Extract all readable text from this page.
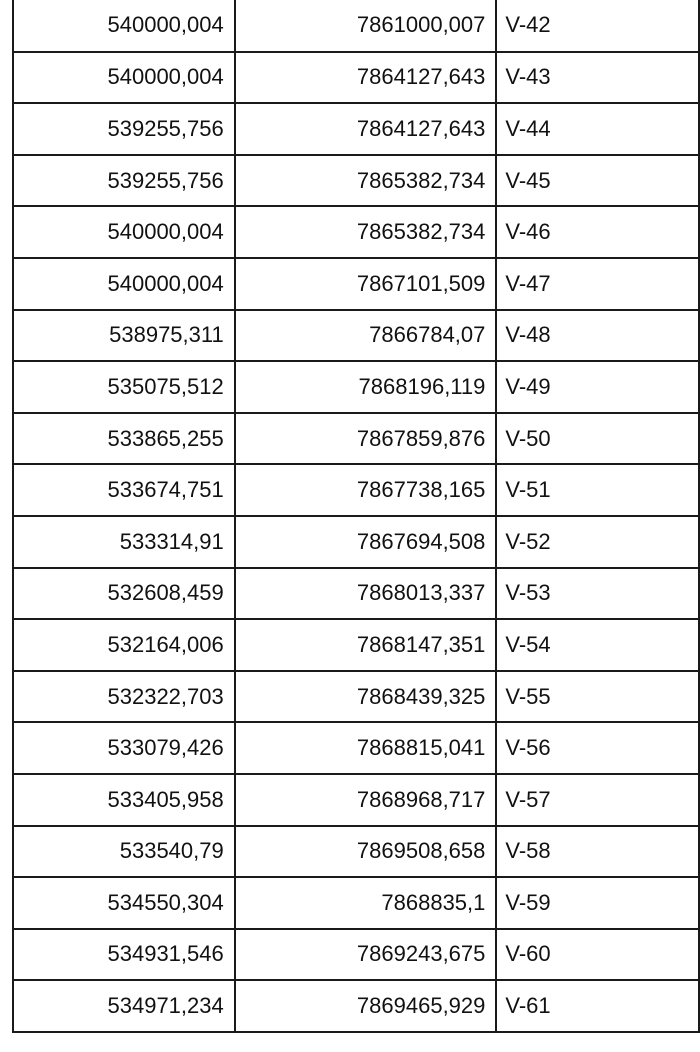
540000,004	7861000,007	V-42
540000,004	7864127,643	V-43
539255,756	7864127,643	V-44
539255,756	7865382,734	V-45
540000,004	7865382,734	V-46
540000,004	7867101,509	V-47
538975,311	7866784,07	V-48
535075,512	7868196,119	V-49
533865,255	7867859,876	V-50
533674,751	7867738,165	V-51
533314,91	7867694,508	V-52
532608,459	7868013,337	V-53
532164,006	7868147,351	V-54
532322,703	7868439,325	V-55
533079,426	7868815,041	V-56
533405,958	7868968,717	V-57
533540,79	7869508,658	V-58
534550,304	7868835,1	V-59
534931,546	7869243,675	V-60
534971,234	7869465,929	V-61
